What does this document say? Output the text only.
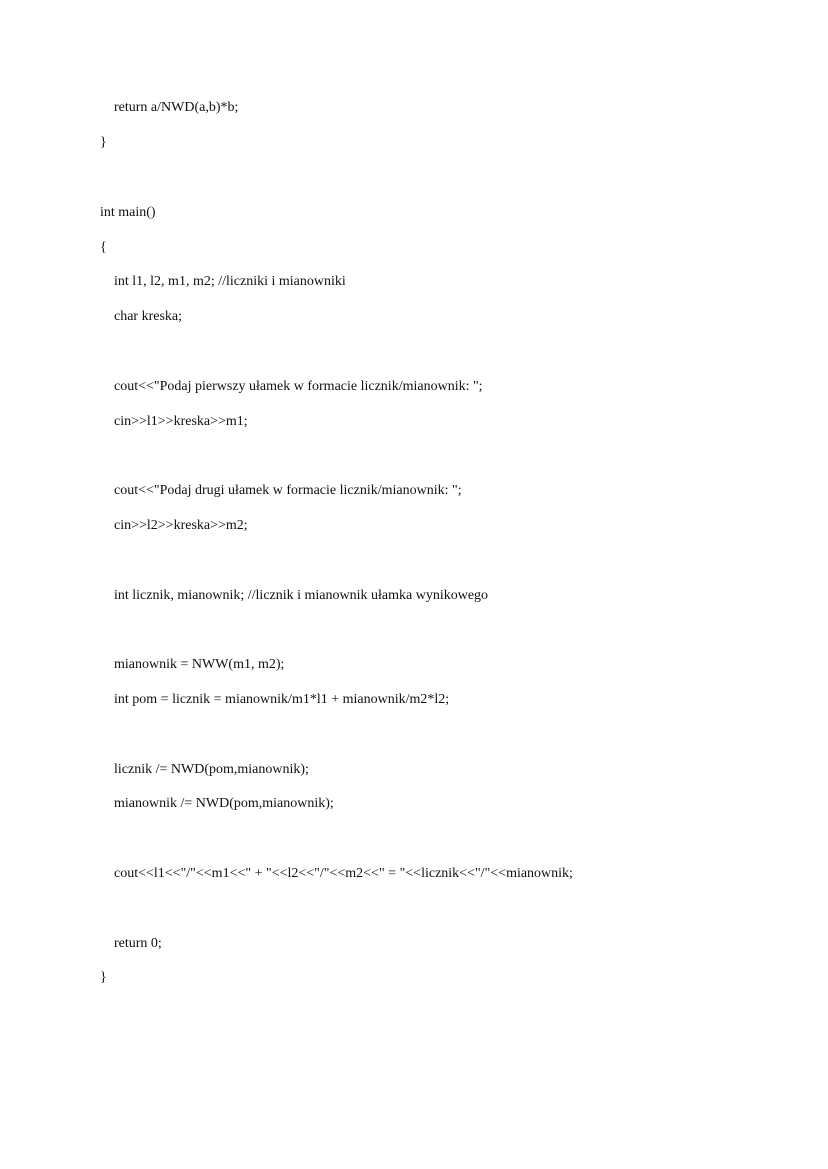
return a/NWD(a,b)*b;
}
int main()
{
int l1, l2, m1, m2; //liczniki i mianowniki
char kreska;
cout<<"Podaj pierwszy ułamek w formacie licznik/mianownik: ";
cin>>l1>>kreska>>m1;
cout<<"Podaj drugi ułamek w formacie licznik/mianownik: ";
cin>>l2>>kreska>>m2;
int licznik, mianownik; //licznik i mianownik ułamka wynikowego
mianownik = NWW(m1, m2);
int pom = licznik = mianownik/m1*l1 + mianownik/m2*l2;
licznik /= NWD(pom,mianownik);
mianownik /= NWD(pom,mianownik);
cout<<l1<<"/"<<m1<<" + "<<l2<<"/"<<m2<<" = "<<licznik<<"/"<<mianownik;
return 0;
}
